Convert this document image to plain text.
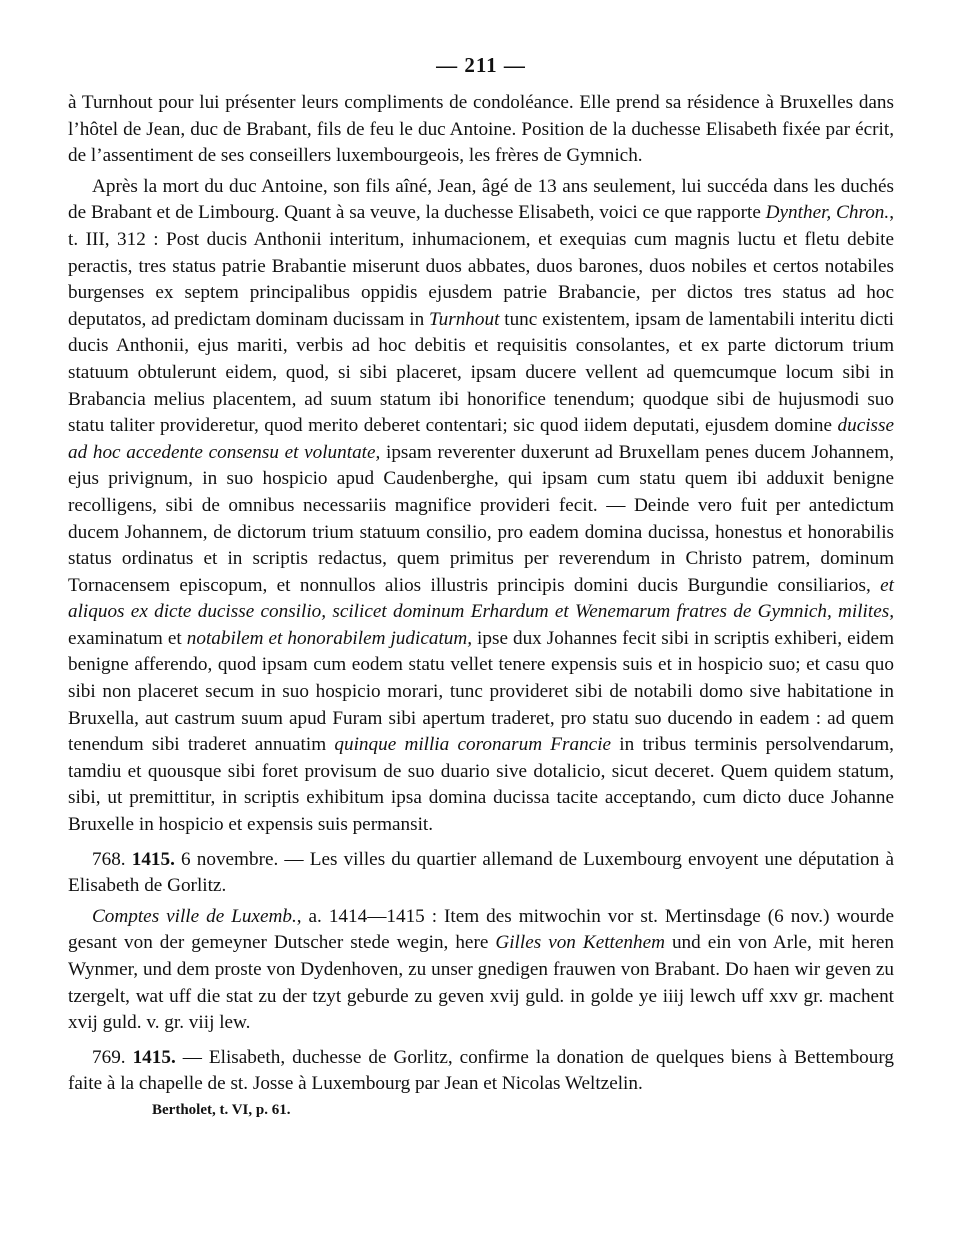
— 211 —

à Turnhout pour lui présenter leurs compliments de condoléance. Elle prend sa résidence à Bruxelles dans l’hôtel de Jean, duc de Brabant, fils de feu le duc Antoine. Position de la duchesse Elisabeth fixée par écrit, de l’assentiment de ses conseillers luxembourgeois, les frères de Gymnich.

Après la mort du duc Antoine, son fils aîné, Jean, âgé de 13 ans seulement, lui succéda dans les duchés de Brabant et de Limbourg. Quant à sa veuve, la duchesse Elisabeth, voici ce que rapporte Dynther, Chron., t. III, 312 : Post ducis Anthonii interitum, inhumacionem, et exequias cum magnis luctu et fletu debite peractis, tres status patrie Brabantie miserunt duos abbates, duos barones, duos nobiles et certos notabiles burgenses ex septem principalibus oppidis ejusdem patrie Brabancie, per dictos tres status ad hoc deputatos, ad predictam dominam ducissam in Turnhout tunc existentem, ipsam de lamentabili interitu dicti ducis Anthonii, ejus mariti, verbis ad hoc debitis et requisitis consolantes, et ex parte dictorum trium statuum obtulerunt eidem, quod, si sibi placeret, ipsam ducere vellent ad quemcumque locum sibi in Brabancia melius placentem, ad suum statum ibi honorifice tenendum; quodque sibi de hujusmodi suo statu taliter provideretur, quod merito deberet contentari; sic quod iidem deputati, ejusdem domine ducisse ad hoc accedente consensu et voluntate, ipsam reverenter duxerunt ad Bruxellam penes ducem Johannem, ejus privignum, in suo hospicio apud Caudenberghe, qui ipsam cum statu quem ibi adduxit benigne recolligens, sibi de omnibus necessariis magnifice provideri fecit. — Deinde vero fuit per antedictum ducem Johannem, de dictorum trium statuum consilio, pro eadem domina ducissa, honestus et honorabilis status ordinatus et in scriptis redactus, quem primitus per reverendum in Christo patrem, dominum Tornacensem episcopum, et nonnullos alios illustris principis domini ducis Burgundie consiliarios, et aliquos ex dicte ducisse consilio, scilicet dominum Erhardum et Wenemarum fratres de Gymnich, milites, examinatum et notabilem et honorabilem judicatum, ipse dux Johannes fecit sibi in scriptis exhiberi, eidem benigne afferendo, quod ipsam cum eodem statu vellet tenere expensis suis et in hospicio suo; et casu quo sibi non placeret secum in suo hospicio morari, tunc provideret sibi de notabili domo sive habitatione in Bruxella, aut castrum suum apud Furam sibi apertum traderet, pro statu suo ducendo in eadem : ad quem tenendum sibi traderet annuatim quinque millia coronarum Francie in tribus terminis persolvendarum, tamdiu et quousque sibi foret provisum de suo duario sive dotalicio, sicut deceret. Quem quidem statum, sibi, ut premittitur, in scriptis exhibitum ipsa domina ducissa tacite acceptando, cum dicto duce Johanne Bruxelle in hospicio et expensis suis permansit.

768. 1415. 6 novembre. — Les villes du quartier allemand de Luxembourg envoyent une députation à Elisabeth de Gorlitz.

Comptes ville de Luxemb., a. 1414—1415 : Item des mitwochin vor st. Mertinsdage (6 nov.) wourde gesant von der gemeyner Dutscher stede wegin, here Gilles von Kettenhem und ein von Arle, mit heren Wynmer, und dem proste von Dydenhoven, zu unser gnedigen frauwen von Brabant. Do haen wir geven zu tzergelt, wat uff die stat zu der tzyt geburde zu geven xvij guld. in golde ye iiij lewch uff xxv gr. machent xvij guld. v. gr. viij lew.

769. 1415. — Elisabeth, duchesse de Gorlitz, confirme la donation de quelques biens à Bettembourg faite à la chapelle de st. Josse à Luxembourg par Jean et Nicolas Weltzelin.

Bertholet, t. VI, p. 61.
